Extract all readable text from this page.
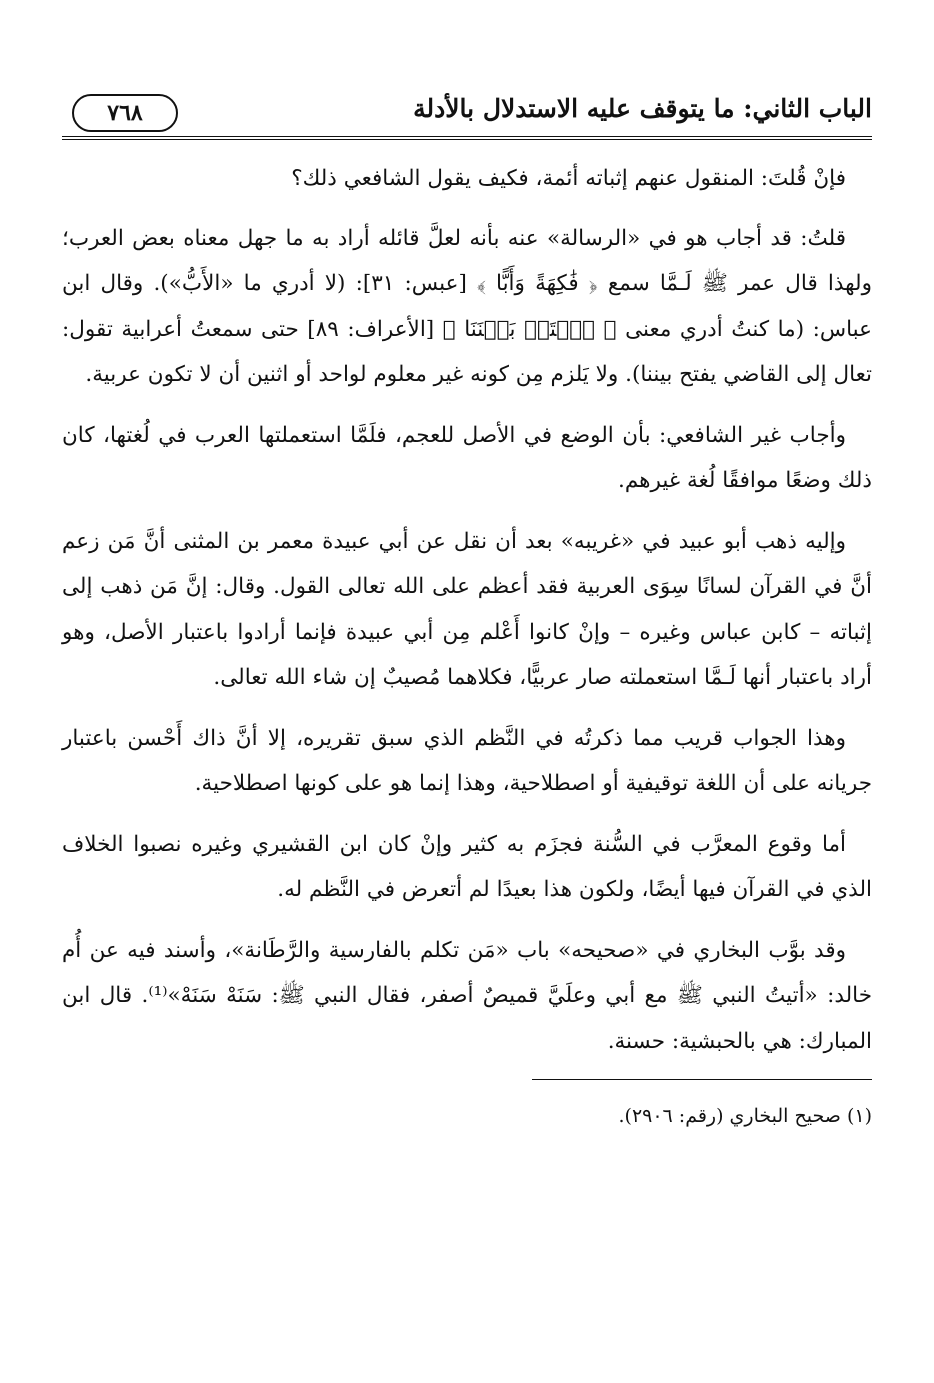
الباب الثاني: ما يتوقف عليه الاستدلال بالأدلة
٧٦٨

فإنْ قُلتَ: المنقول عنهم إثباته أئمة، فكيف يقول الشافعي ذلك؟

قلتُ: قد أجاب هو في «الرسالة» عنه بأنه لعلَّ قائله أراد به ما جهل معناه بعض العرب؛ ولهذا قال عمر ﷺ لَـمَّا سمع ﴿ فَٰكِهَةً وَأَبًّا ﴾ [عبس: ٣١]: (لا أدري ما «الأَبُّ»). وقال ابن عباس: (ما كنتُ أدري معنى ﴿ ٱفۡتَحۡ بَيۡنَنَا ﴾ [الأعراف: ٨٩] حتى سمعتُ أعرابية تقول: تعال إلى القاضي يفتح بيننا). ولا يَلزم مِن كونه غير معلوم لواحد أو اثنين أن لا تكون عربية.

وأجاب غير الشافعي: بأن الوضع في الأصل للعجم، فلَمَّا استعملتها العرب في لُغتها، كان ذلك وضعًا موافقًا لُغة غيرهم.

وإليه ذهب أبو عبيد في «غريبه» بعد أن نقل عن أبي عبيدة معمر بن المثنى أنَّ مَن زعم أنَّ في القرآن لسانًا سِوَى العربية فقد أعظم على الله تعالى القول. وقال: إنَّ مَن ذهب إلى إثباته – كابن عباس وغيره – وإنْ كانوا أَعْلم مِن أبي عبيدة فإنما أرادوا باعتبار الأصل، وهو أراد باعتبار أنها لَـمَّا استعملته صار عربيًّا، فكلاهما مُصيبٌ إن شاء الله تعالى.

وهذا الجواب قريب مما ذكرتُه في النَّظم الذي سبق تقريره، إلا أنَّ ذاك أَحْسن باعتبار جريانه على أن اللغة توقيفية أو اصطلاحية، وهذا إنما هو على كونها اصطلاحية.

أما وقوع المعرَّب في السُّنة فجزَم به كثير وإنْ كان ابن القشيري وغيره نصبوا الخلاف الذي في القرآن فيها أيضًا، ولكون هذا بعيدًا لم أتعرض في النَّظم له.

وقد بوَّب البخاري في «صحيحه» باب «مَن تكلم بالفارسية والرَّطَانة»، وأسند فيه عن أُم خالد: «أتيتُ النبي ﷺ مع أبي وعلَيَّ قميصٌ أصفر، فقال النبي ﷺ: سَنَهْ سَنَهْ»⁽¹⁾. قال ابن المبارك: هي بالحبشية: حسنة.

(١) صحيح البخاري (رقم: ٢٩٠٦).
